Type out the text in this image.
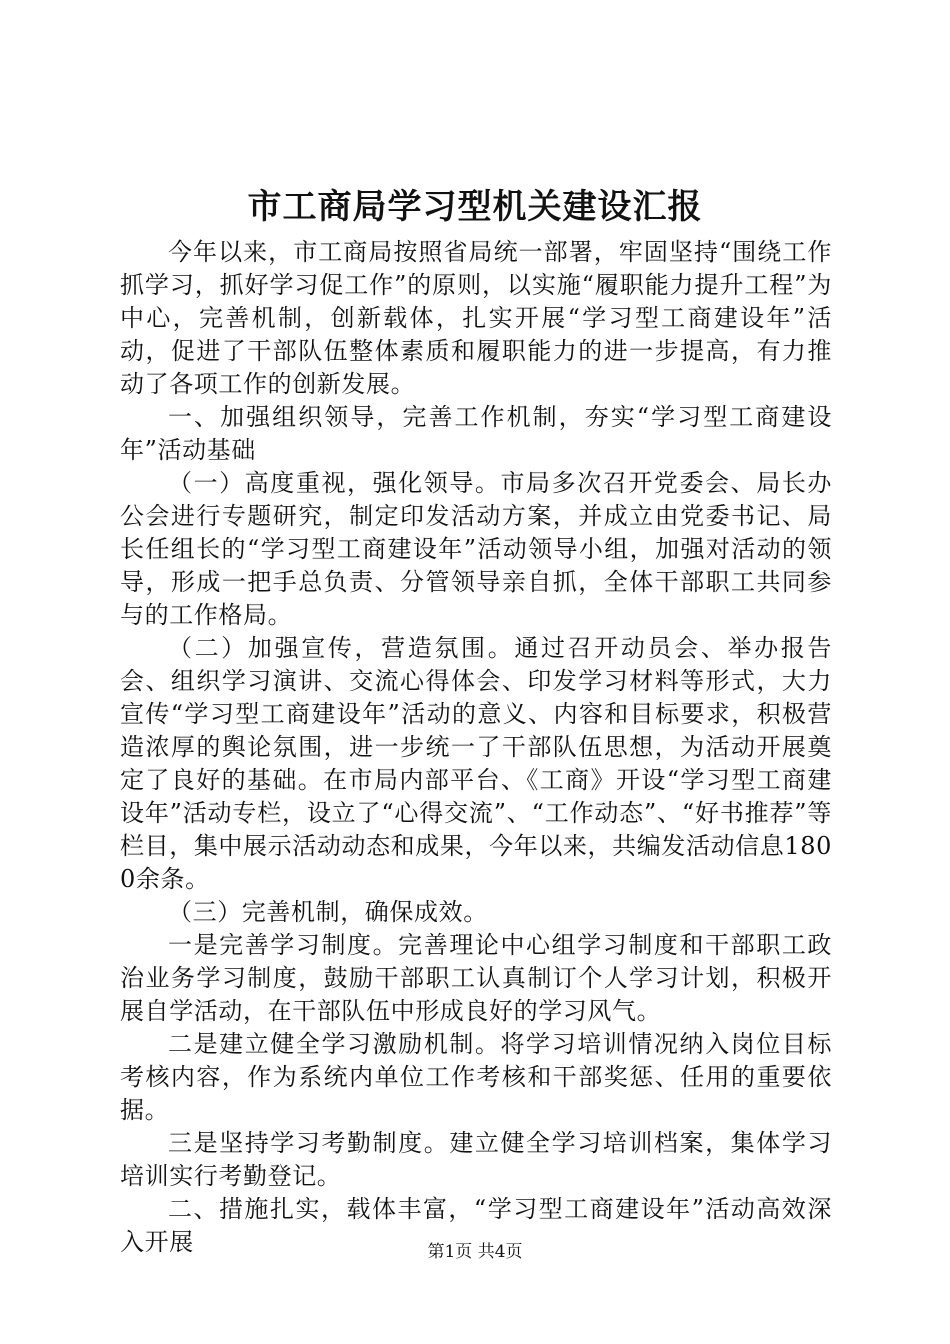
市工商局学习型机关建设汇报

今年以来，市工商局按照省局统一部署，牢固坚持“围绕工作抓学习，抓好学习促工作”的原则，以实施“履职能力提升工程”为中心，完善机制，创新载体，扎实开展“学习型工商建设年”活动，促进了干部队伍整体素质和履职能力的进一步提高，有力推动了各项工作的创新发展。

一、加强组织领导，完善工作机制，夯实“学习型工商建设年”活动基础

（一）高度重视，强化领导。市局多次召开党委会、局长办公会进行专题研究，制定印发活动方案，并成立由党委书记、局长任组长的“学习型工商建设年”活动领导小组，加强对活动的领导，形成一把手总负责、分管领导亲自抓，全体干部职工共同参与的工作格局。

（二）加强宣传，营造氛围。通过召开动员会、举办报告会、组织学习演讲、交流心得体会、印发学习材料等形式，大力宣传“学习型工商建设年”活动的意义、内容和目标要求，积极营造浓厚的舆论氛围，进一步统一了干部队伍思想，为活动开展奠定了良好的基础。在市局内部平台、《工商》开设“学习型工商建设年”活动专栏，设立了“心得交流”、“工作动态”、“好书推荐”等栏目，集中展示活动动态和成果，今年以来，共编发活动信息1800余条。

（三）完善机制，确保成效。

一是完善学习制度。完善理论中心组学习制度和干部职工政治业务学习制度，鼓励干部职工认真制订个人学习计划，积极开展自学活动，在干部队伍中形成良好的学习风气。

二是建立健全学习激励机制。将学习培训情况纳入岗位目标考核内容，作为系统内单位工作考核和干部奖惩、任用的重要依据。

三是坚持学习考勤制度。建立健全学习培训档案，集体学习培训实行考勤登记。

二、措施扎实，载体丰富，“学习型工商建设年”活动高效深入开展	第1页 共4页
